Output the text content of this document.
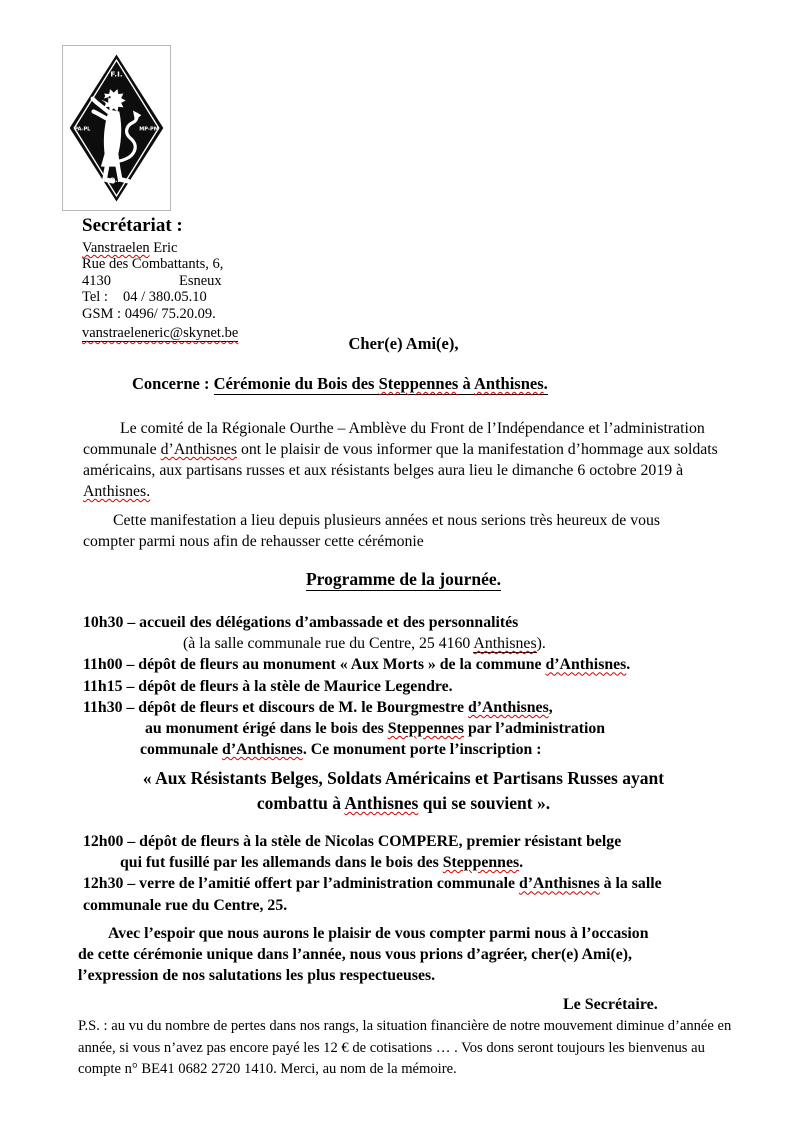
F.I.
PA-PL	MP-PM
O.F.
Secrétariat :
Vanstraelen Eric
Rue des Combattants, 6,
4130	Esneux
Tel : 04 / 380.05.10
GSM : 0496/ 75.20.09.
vanstraeleneric@skynet.be
Cher(e) Ami(e),
Concerne : Cérémonie du Bois des Steppennes à Anthisnes.
Le comité de la Régionale Ourthe – Amblève du Front de l’Indépendance et l’administration
communale d’Anthisnes ont le plaisir de vous informer que la manifestation d’hommage aux soldats
américains, aux partisans russes et aux résistants belges aura lieu le dimanche 6 octobre 2019 à
Anthisnes.
Cette manifestation a lieu depuis plusieurs années et nous serions très heureux de vous
compter parmi nous afin de rehausser cette cérémonie
Programme de la journée.
10h30 – accueil des délégations d’ambassade et des personnalités
(à la salle communale rue du Centre, 25 4160 Anthisnes).
11h00 – dépôt de fleurs au monument « Aux Morts » de la commune d’Anthisnes.
11h15 – dépôt de fleurs à la stèle de Maurice Legendre.
11h30 – dépôt de fleurs et discours de M. le Bourgmestre d’Anthisnes,
au monument érigé dans le bois des Steppennes par l’administration
communale d’Anthisnes. Ce monument porte l’inscription :
« Aux Résistants Belges, Soldats Américains et Partisans Russes ayant
combattu à Anthisnes qui se souvient ».
12h00 – dépôt de fleurs à la stèle de Nicolas COMPERE, premier résistant belge
qui fut fusillé par les allemands dans le bois des Steppennes.
12h30 – verre de l’amitié offert par l’administration communale d’Anthisnes à la salle
communale rue du Centre, 25.
Avec l’espoir que nous aurons le plaisir de vous compter parmi nous à l’occasion
de cette cérémonie unique dans l’année, nous vous prions d’agréer, cher(e) Ami(e),
l’expression de nos salutations les plus respectueuses.
Le Secrétaire.
P.S. : au vu du nombre de pertes dans nos rangs, la situation financière de notre mouvement diminue d’année en
année, si vous n’avez pas encore payé les 12 € de cotisations … . Vos dons seront toujours les bienvenus au
compte n° BE41 0682 2720 1410. Merci, au nom de la mémoire.
